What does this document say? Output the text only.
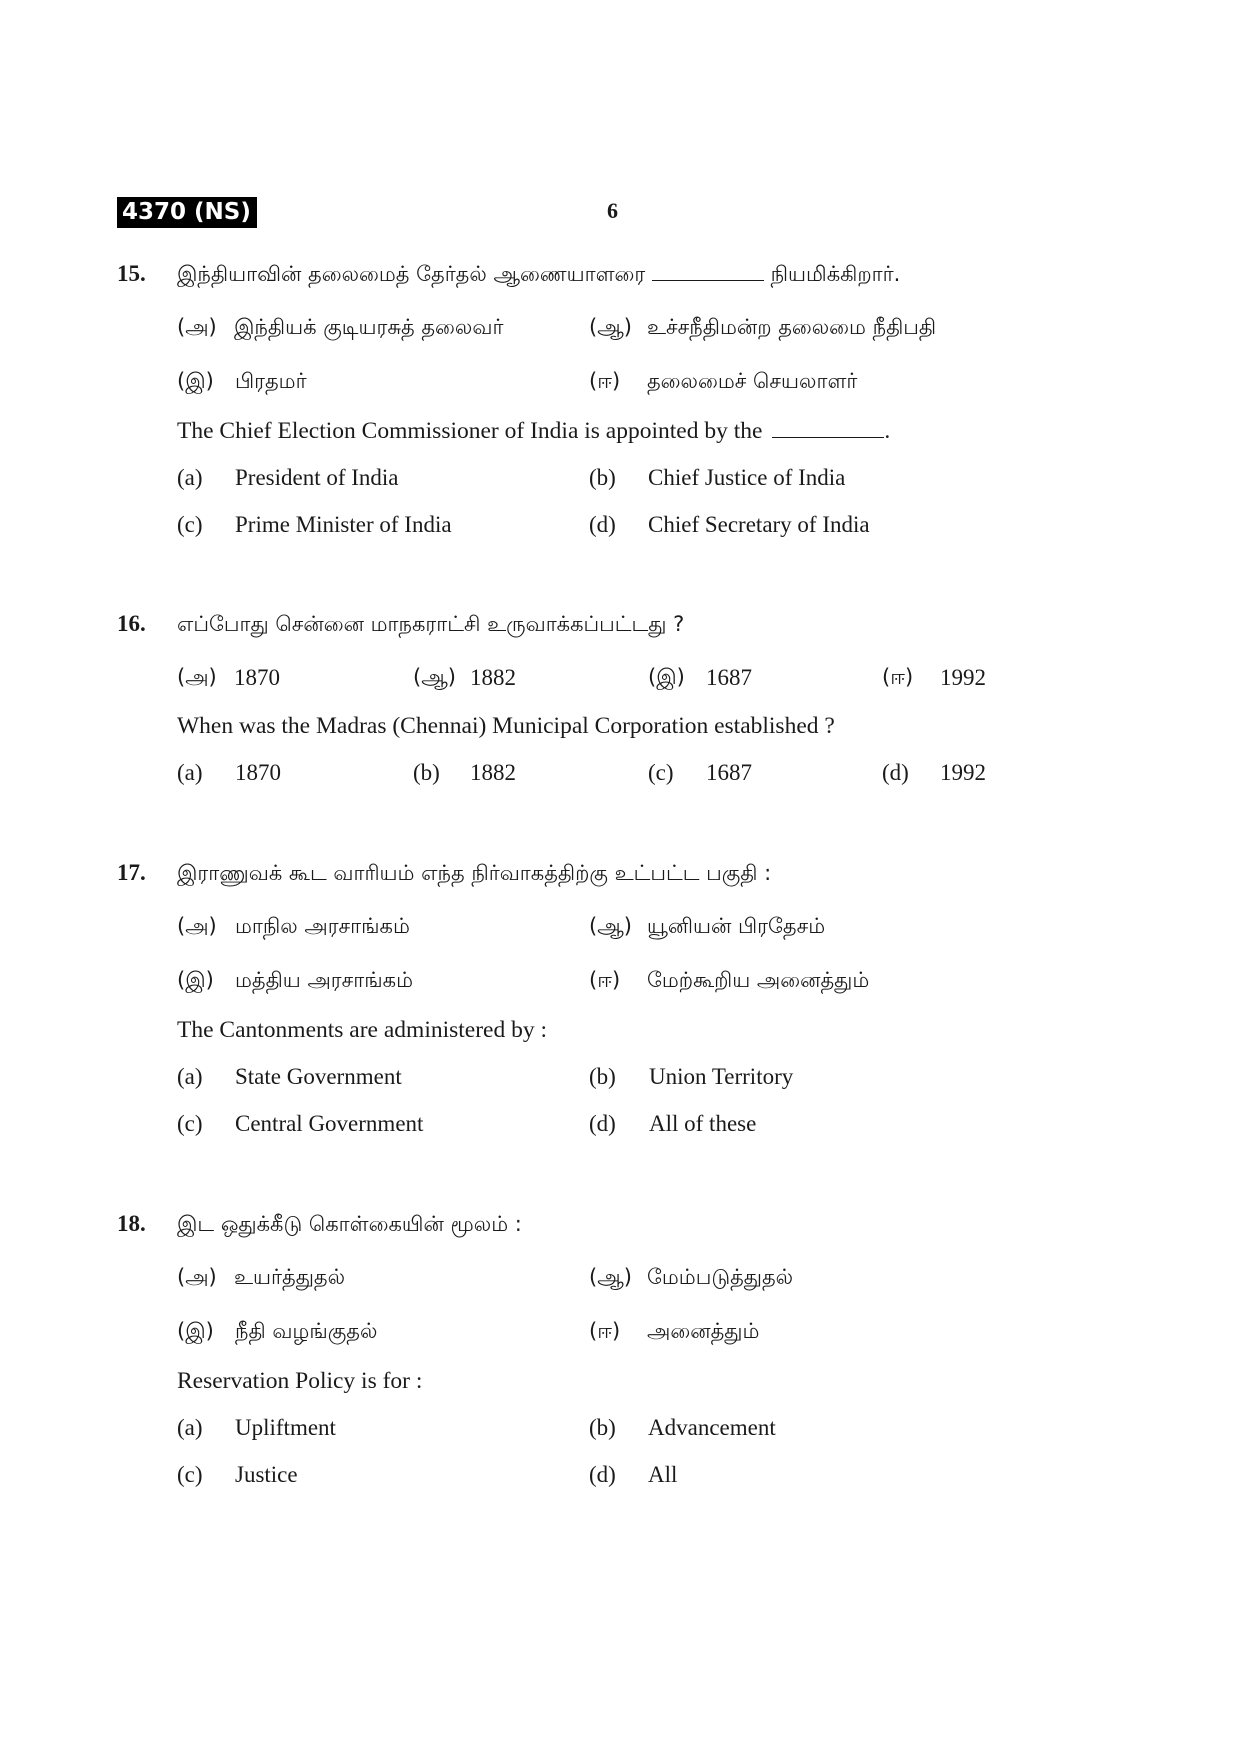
4370 (NS)	6
15. இந்தியாவின் தலைமைத் தேர்தல் ஆணையாளரை	நியமிக்கிறார்.
(அ) இந்தியக் குடியரசுத் தலைவர்	(ஆ) உச்சநீதிமன்ற தலைமை நீதிபதி
(இ) பிரதமர்	(ஈ) தலைமைச் செயலாளர்
The Chief Election Commissioner of India is appointed by the	.
(a) President of India	(b) Chief Justice of India
(c) Prime Minister of India	(d) Chief Secretary of India
16. எப்போது சென்னை மாநகராட்சி உருவாக்கப்பட்டது ?
(அ) 1870	(ஆ) 1882	(இ) 1687	(ஈ) 1992
When was the Madras (Chennai) Municipal Corporation established ?
(a) 1870	(b) 1882	(c) 1687	(d) 1992
17. இராணுவக் கூட வாரியம் எந்த நிர்வாகத்திற்கு உட்பட்ட பகுதி :
(அ) மாநில அரசாங்கம்	(ஆ) யூனியன் பிரதேசம்
(இ) மத்திய அரசாங்கம்	(ஈ) மேற்கூறிய அனைத்தும்
The Cantonments are administered by :
(a) State Government	(b) Union Territory
(c) Central Government	(d) All of these
18. இட ஒதுக்கீடு கொள்கையின் மூலம் :
(அ) உயர்த்துதல்	(ஆ) மேம்படுத்துதல்
(இ) நீதி வழங்குதல்	(ஈ) அனைத்தும்
Reservation Policy is for :
(a) Upliftment	(b) Advancement
(c) Justice	(d) All
